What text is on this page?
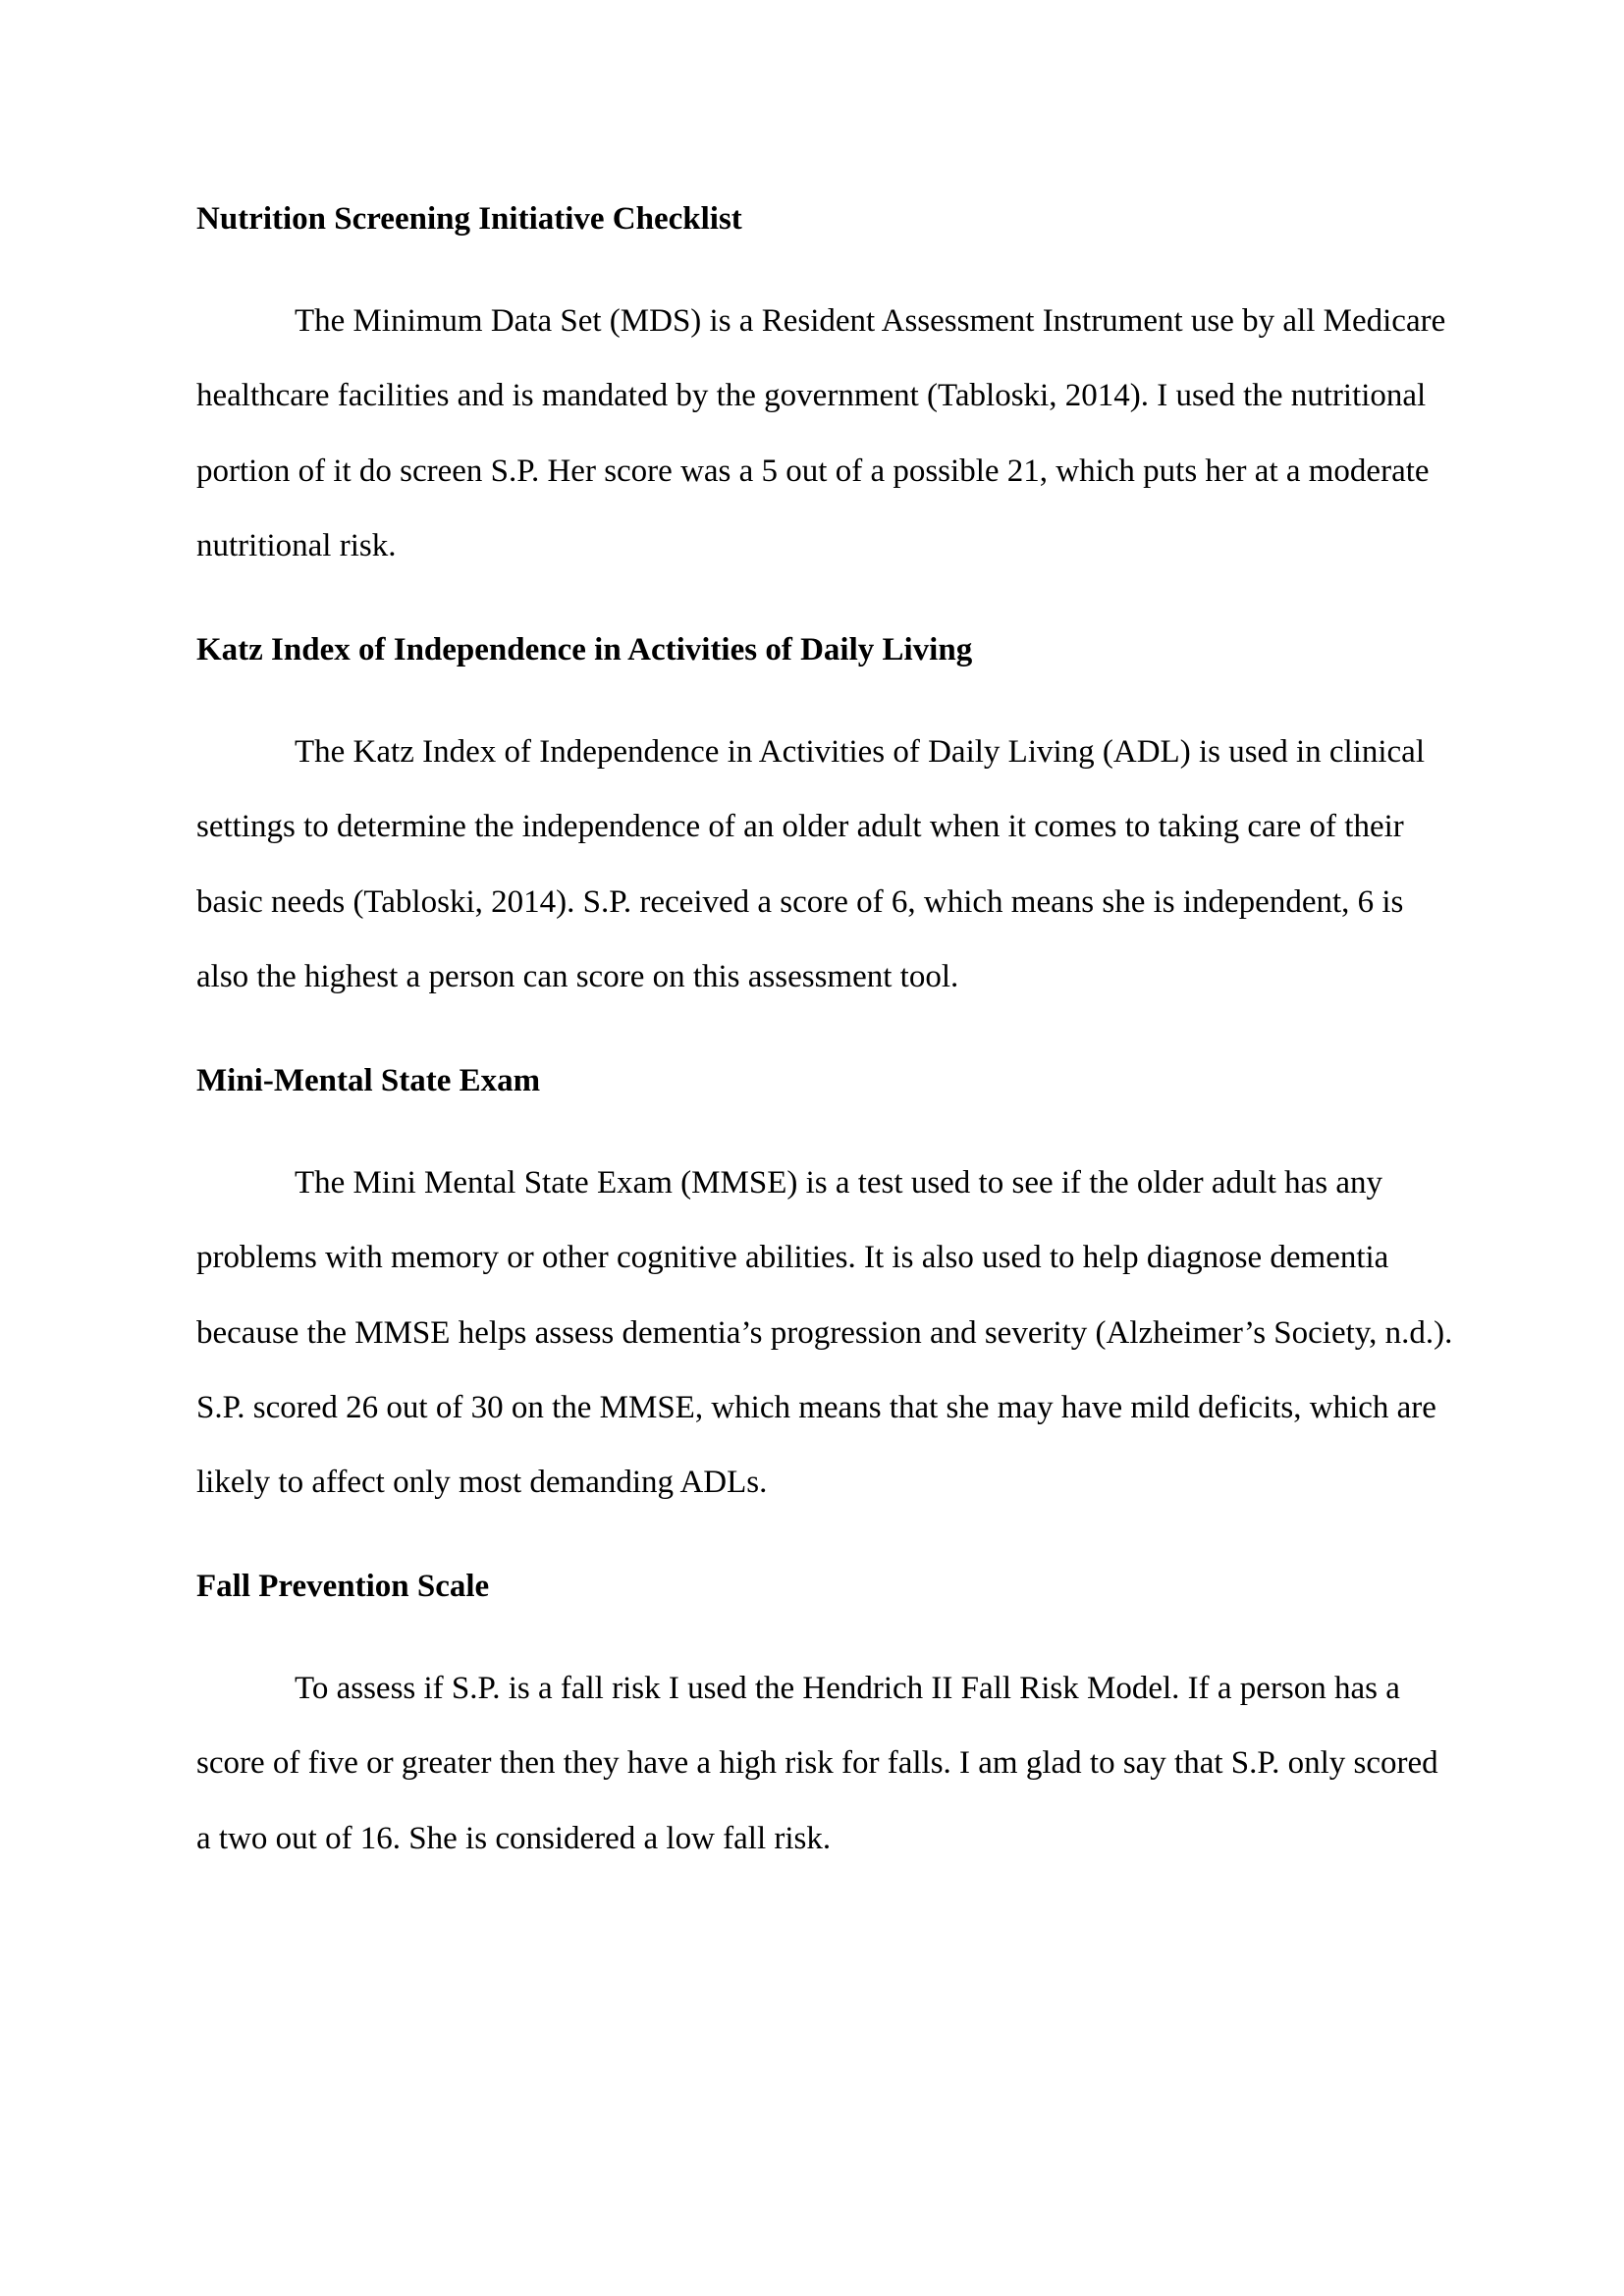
Nutrition Screening Initiative Checklist

The Minimum Data Set (MDS) is a Resident Assessment Instrument use by all Medicare
healthcare facilities and is mandated by the government (Tabloski, 2014). I used the nutritional
portion of it do screen S.P. Her score was a 5 out of a possible 21, which puts her at a moderate
nutritional risk.

Katz Index of Independence in Activities of Daily Living

The Katz Index of Independence in Activities of Daily Living (ADL) is used in clinical
settings to determine the independence of an older adult when it comes to taking care of their
basic needs (Tabloski, 2014). S.P. received a score of 6, which means she is independent, 6 is
also the highest a person can score on this assessment tool.

Mini-Mental State Exam

The Mini Mental State Exam (MMSE) is a test used to see if the older adult has any
problems with memory or other cognitive abilities. It is also used to help diagnose dementia
because the MMSE helps assess dementia’s progression and severity (Alzheimer’s Society, n.d.).
S.P. scored 26 out of 30 on the MMSE, which means that she may have mild deficits, which are
likely to affect only most demanding ADLs.

Fall Prevention Scale

To assess if S.P. is a fall risk I used the Hendrich II Fall Risk Model. If a person has a
score of five or greater then they have a high risk for falls. I am glad to say that S.P. only scored
a two out of 16. She is considered a low fall risk.
